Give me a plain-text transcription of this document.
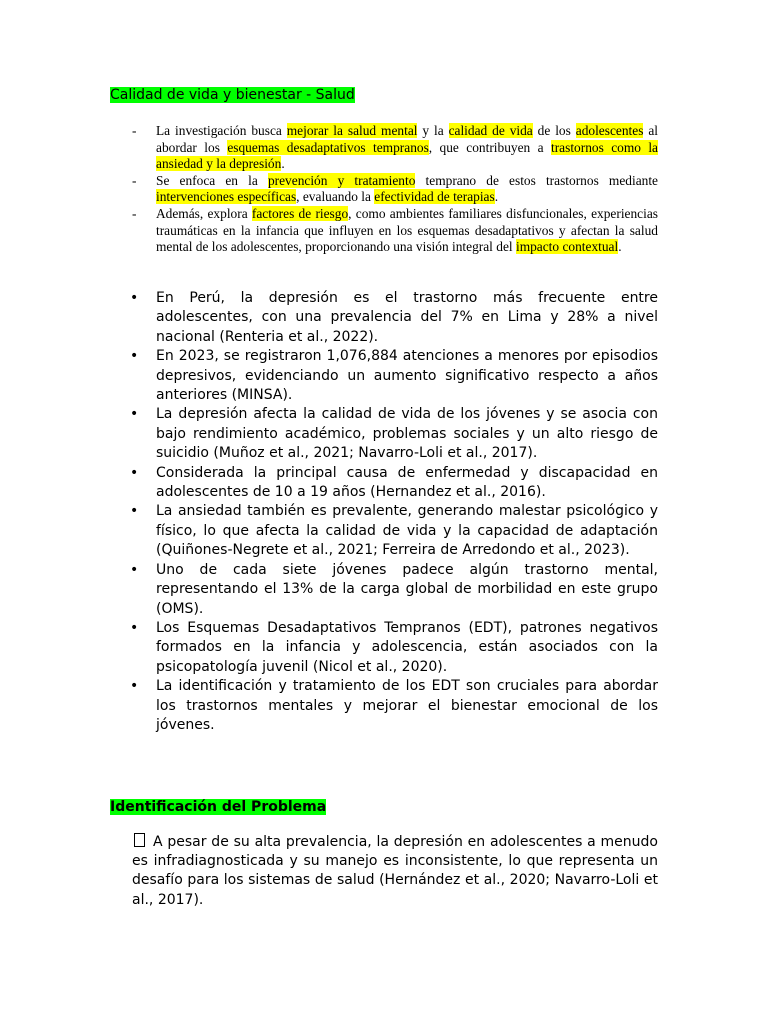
Calidad de vida y bienestar - Salud
- La investigación busca mejorar la salud mental y la calidad de vida de los adolescentes al abordar los esquemas desadaptativos tempranos, que contribuyen a trastornos como la ansiedad y la depresión.
- Se enfoca en la prevención y tratamiento temprano de estos trastornos mediante intervenciones específicas, evaluando la efectividad de terapias.
- Además, explora factores de riesgo, como ambientes familiares disfuncionales, experiencias traumáticas en la infancia que influyen en los esquemas desadaptativos y afectan la salud mental de los adolescentes, proporcionando una visión integral del impacto contextual.
• En Perú, la depresión es el trastorno más frecuente entre adolescentes, con una prevalencia del 7% en Lima y 28% a nivel nacional (Renteria et al., 2022).
• En 2023, se registraron 1,076,884 atenciones a menores por episodios depresivos, evidenciando un aumento significativo respecto a años anteriores (MINSA).
• La depresión afecta la calidad de vida de los jóvenes y se asocia con bajo rendimiento académico, problemas sociales y un alto riesgo de suicidio (Muñoz et al., 2021; Navarro-Loli et al., 2017).
• Considerada la principal causa de enfermedad y discapacidad en adolescentes de 10 a 19 años (Hernandez et al., 2016).
• La ansiedad también es prevalente, generando malestar psicológico y físico, lo que afecta la calidad de vida y la capacidad de adaptación (Quiñones-Negrete et al., 2021; Ferreira de Arredondo et al., 2023).
• Uno de cada siete jóvenes padece algún trastorno mental, representando el 13% de la carga global de morbilidad en este grupo (OMS).
• Los Esquemas Desadaptativos Tempranos (EDT), patrones negativos formados en la infancia y adolescencia, están asociados con la psicopatología juvenil (Nicol et al., 2020).
• La identificación y tratamiento de los EDT son cruciales para abordar los trastornos mentales y mejorar el bienestar emocional de los jóvenes.
Identificación del Problema

A pesar de su alta prevalencia, la depresión en adolescentes a menudo es infradiagnosticada y su manejo es inconsistente, lo que representa un desafío para los sistemas de salud (Hernández et al., 2020; Navarro-Loli et al., 2017).
